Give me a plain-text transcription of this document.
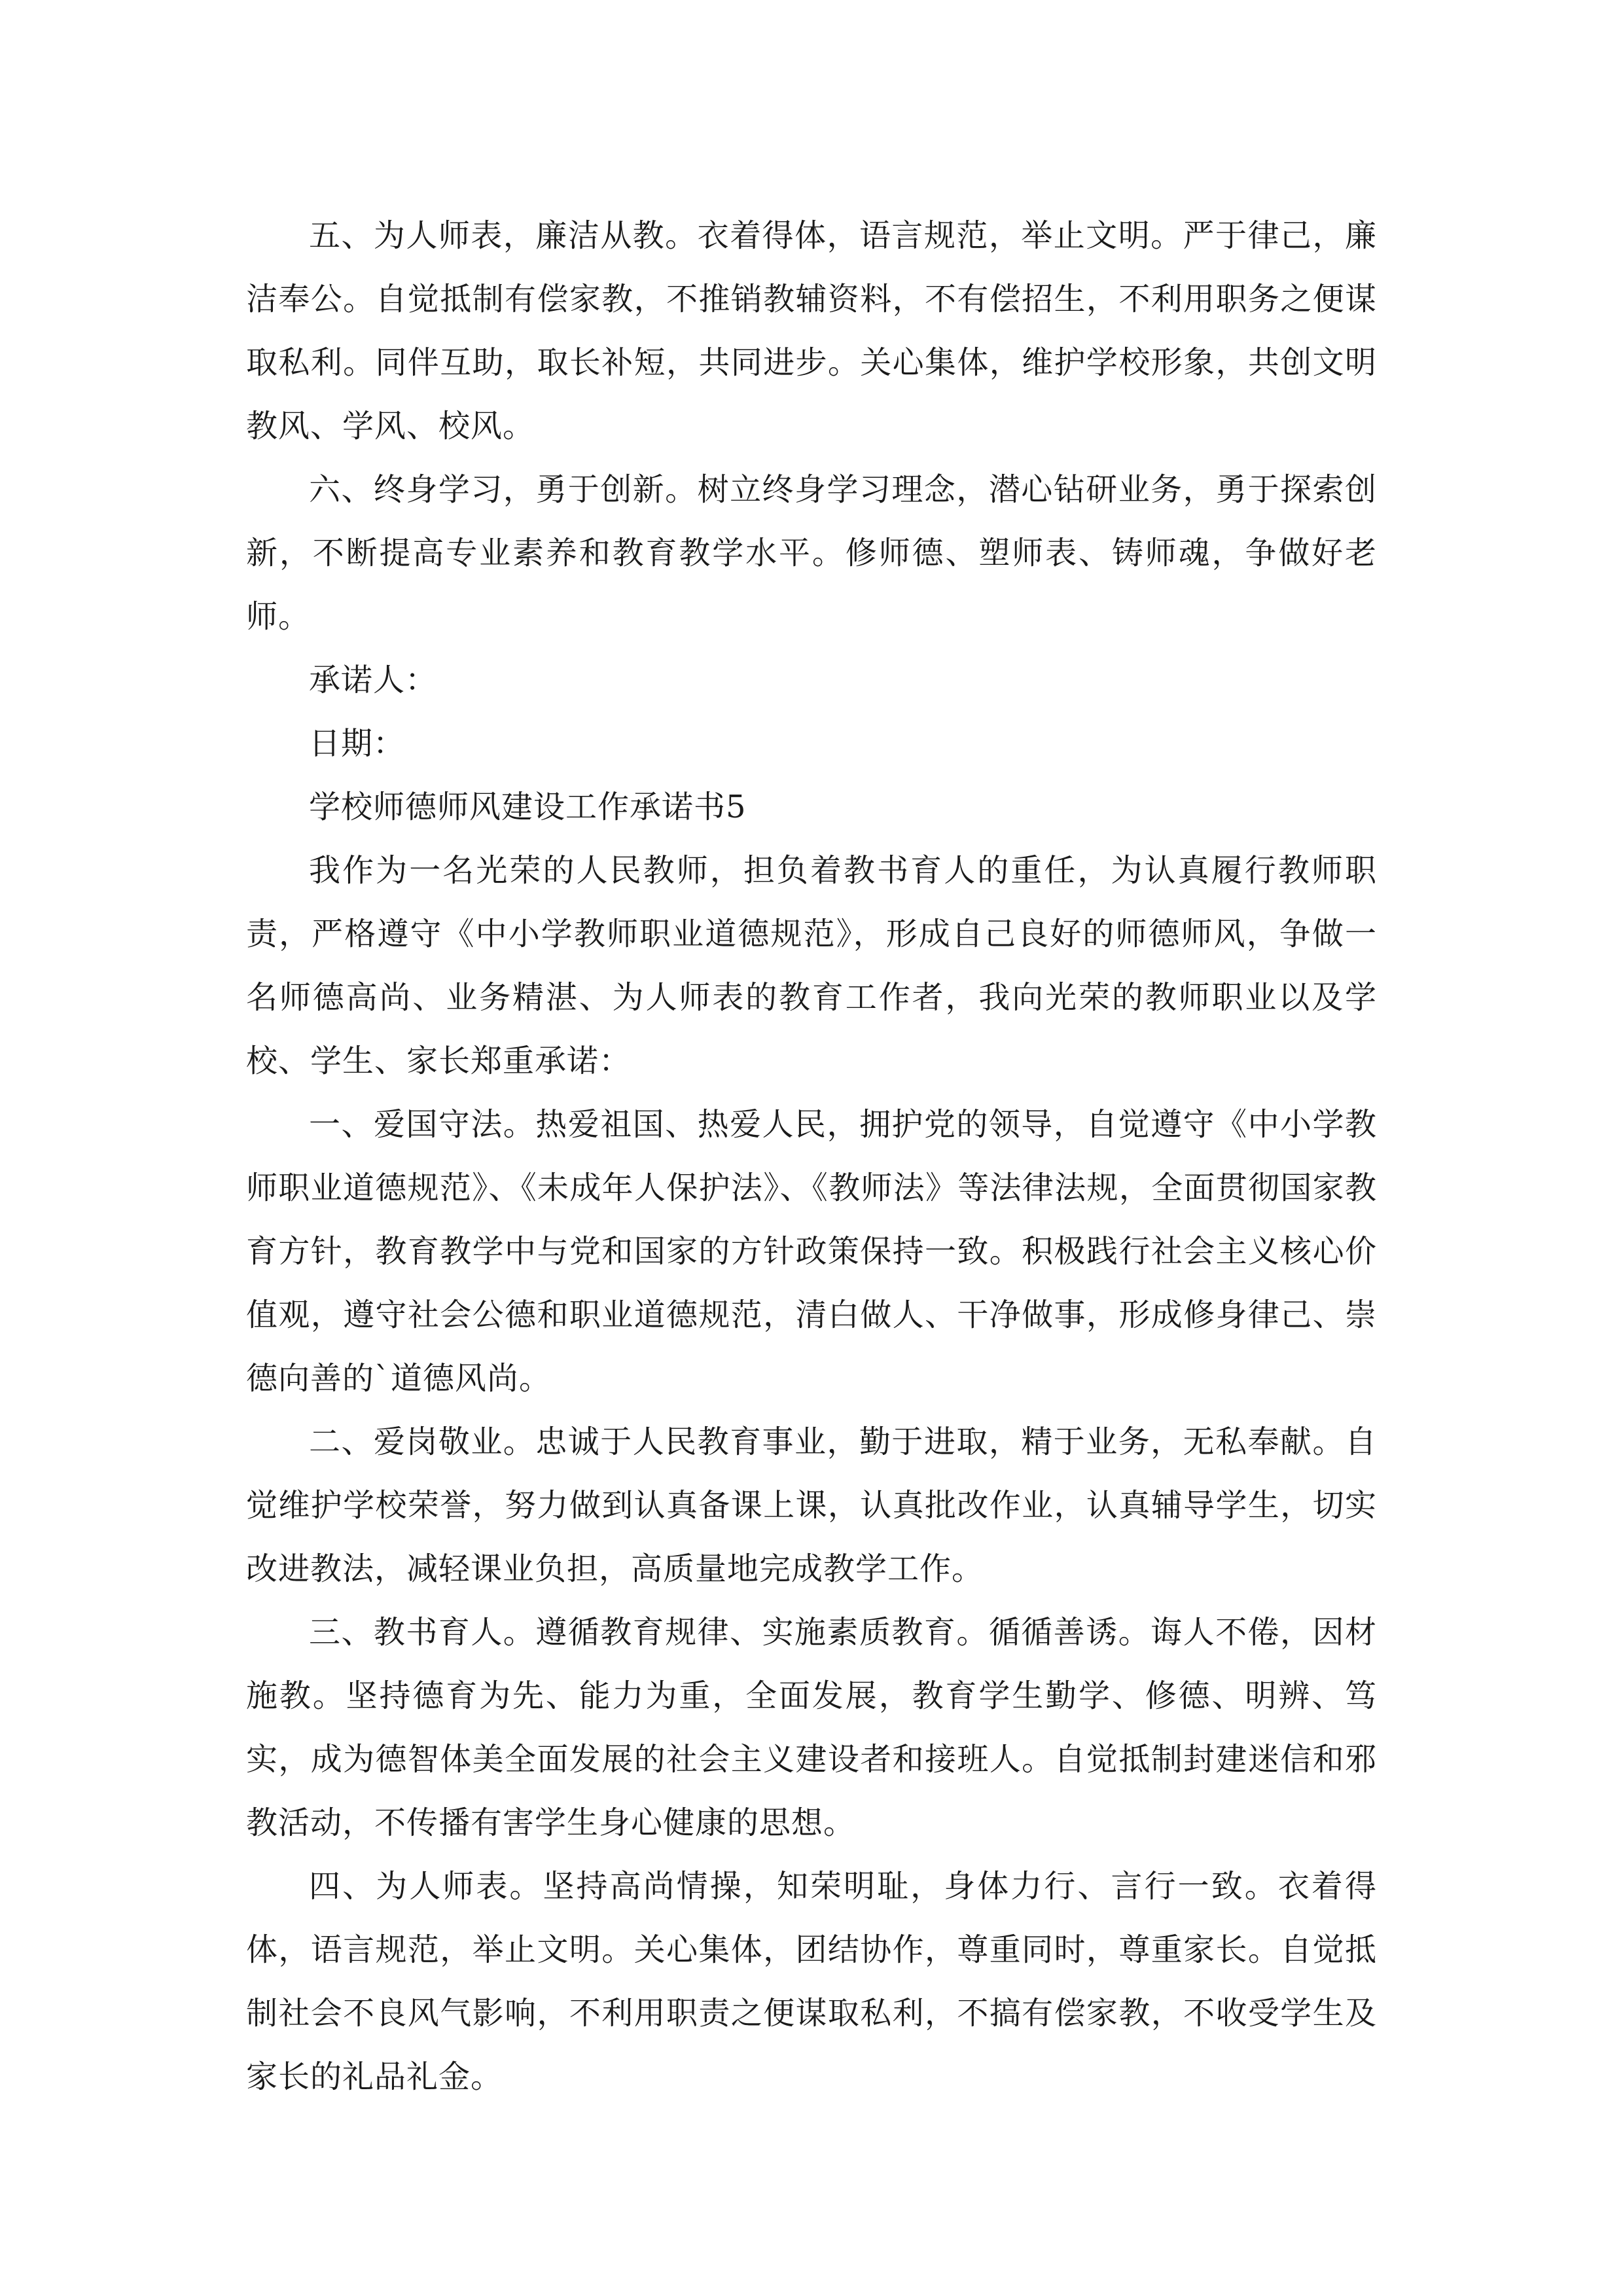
五、为人师表，廉洁从教。衣着得体，语言规范，举止文明。严于律己，廉洁奉公。自觉抵制有偿家教，不推销教辅资料，不有偿招生，不利用职务之便谋取私利。同伴互助，取长补短，共同进步。关心集体，维护学校形象，共创文明教风、学风、校风。

六、终身学习，勇于创新。树立终身学习理念，潜心钻研业务，勇于探索创新，不断提高专业素养和教育教学水平。修师德、塑师表、铸师魂，争做好老师。

承诺人：

日期：

学校师德师风建设工作承诺书5

我作为一名光荣的人民教师，担负着教书育人的重任，为认真履行教师职责，严格遵守《中小学教师职业道德规范》，形成自己良好的师德师风，争做一名师德高尚、业务精湛、为人师表的教育工作者，我向光荣的教师职业以及学校、学生、家长郑重承诺：

一、爱国守法。热爱祖国、热爱人民，拥护党的领导，自觉遵守《中小学教师职业道德规范》、《未成年人保护法》、《教师法》等法律法规，全面贯彻国家教育方针，教育教学中与党和国家的方针政策保持一致。积极践行社会主义核心价值观，遵守社会公德和职业道德规范，清白做人、干净做事，形成修身律己、崇德向善的`道德风尚。

二、爱岗敬业。忠诚于人民教育事业，勤于进取，精于业务，无私奉献。自觉维护学校荣誉，努力做到认真备课上课，认真批改作业，认真辅导学生，切实改进教法，减轻课业负担，高质量地完成教学工作。

三、教书育人。遵循教育规律、实施素质教育。循循善诱。诲人不倦，因材施教。坚持德育为先、能力为重，全面发展，教育学生勤学、修德、明辨、笃实，成为德智体美全面发展的社会主义建设者和接班人。自觉抵制封建迷信和邪教活动，不传播有害学生身心健康的思想。

四、为人师表。坚持高尚情操，知荣明耻，身体力行、言行一致。衣着得体，语言规范，举止文明。关心集体，团结协作，尊重同时，尊重家长。自觉抵制社会不良风气影响，不利用职责之便谋取私利，不搞有偿家教，不收受学生及家长的礼品礼金。
